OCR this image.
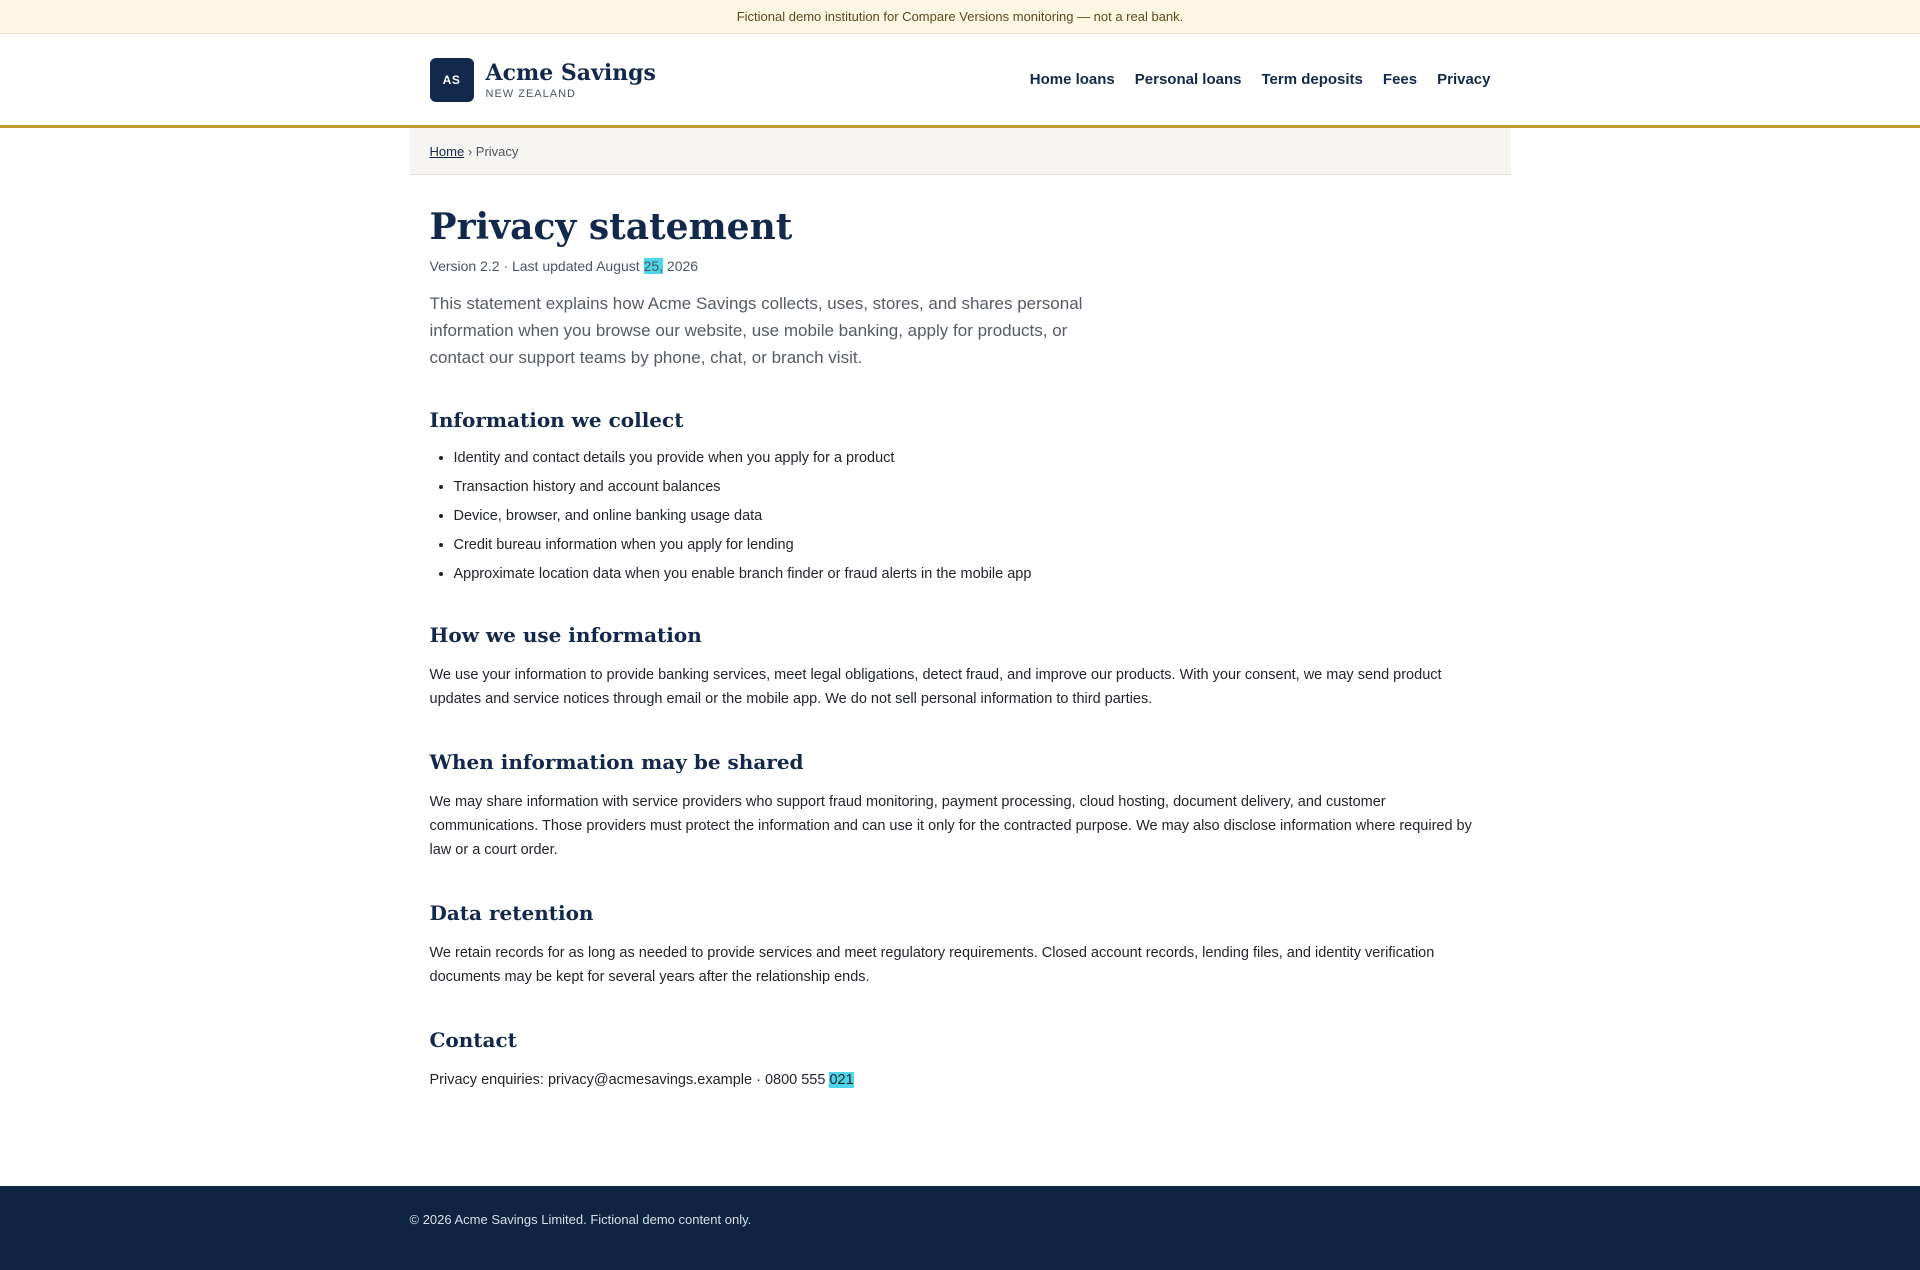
Fictional demo institution for Compare Versions monitoring — not a real bank.
AS	Acme Savings
NEW ZEALAND
Home loans Personal loans Term deposits Fees Privacy
Home › Privacy
Privacy statement
Version 2.2 · Last updated August 25, 2026
This statement explains how Acme Savings collects, uses, stores, and shares personal information when you browse our website, use mobile banking, apply for products, or contact our support teams by phone, chat, or branch visit.
Information we collect
• Identity and contact details you provide when you apply for a product
• Transaction history and account balances
• Device, browser, and online banking usage data
• Credit bureau information when you apply for lending
• Approximate location data when you enable branch finder or fraud alerts in the mobile app
How we use information

We use your information to provide banking services, meet legal obligations, detect fraud, and improve our products. With your consent, we may send product updates and service notices through email or the mobile app. We do not sell personal information to third parties.

When information may be shared

We may share information with service providers who support fraud monitoring, payment processing, cloud hosting, document delivery, and customer communications. Those providers must protect the information and can use it only for the contracted purpose. We may also disclose information where required by law or a court order.

Data retention

We retain records for as long as needed to provide services and meet regulatory requirements. Closed account records, lending files, and identity verification documents may be kept for several years after the relationship ends.

Contact

Privacy enquiries: privacy@acmesavings.example · 0800 555 021

© 2026 Acme Savings Limited. Fictional demo content only.
